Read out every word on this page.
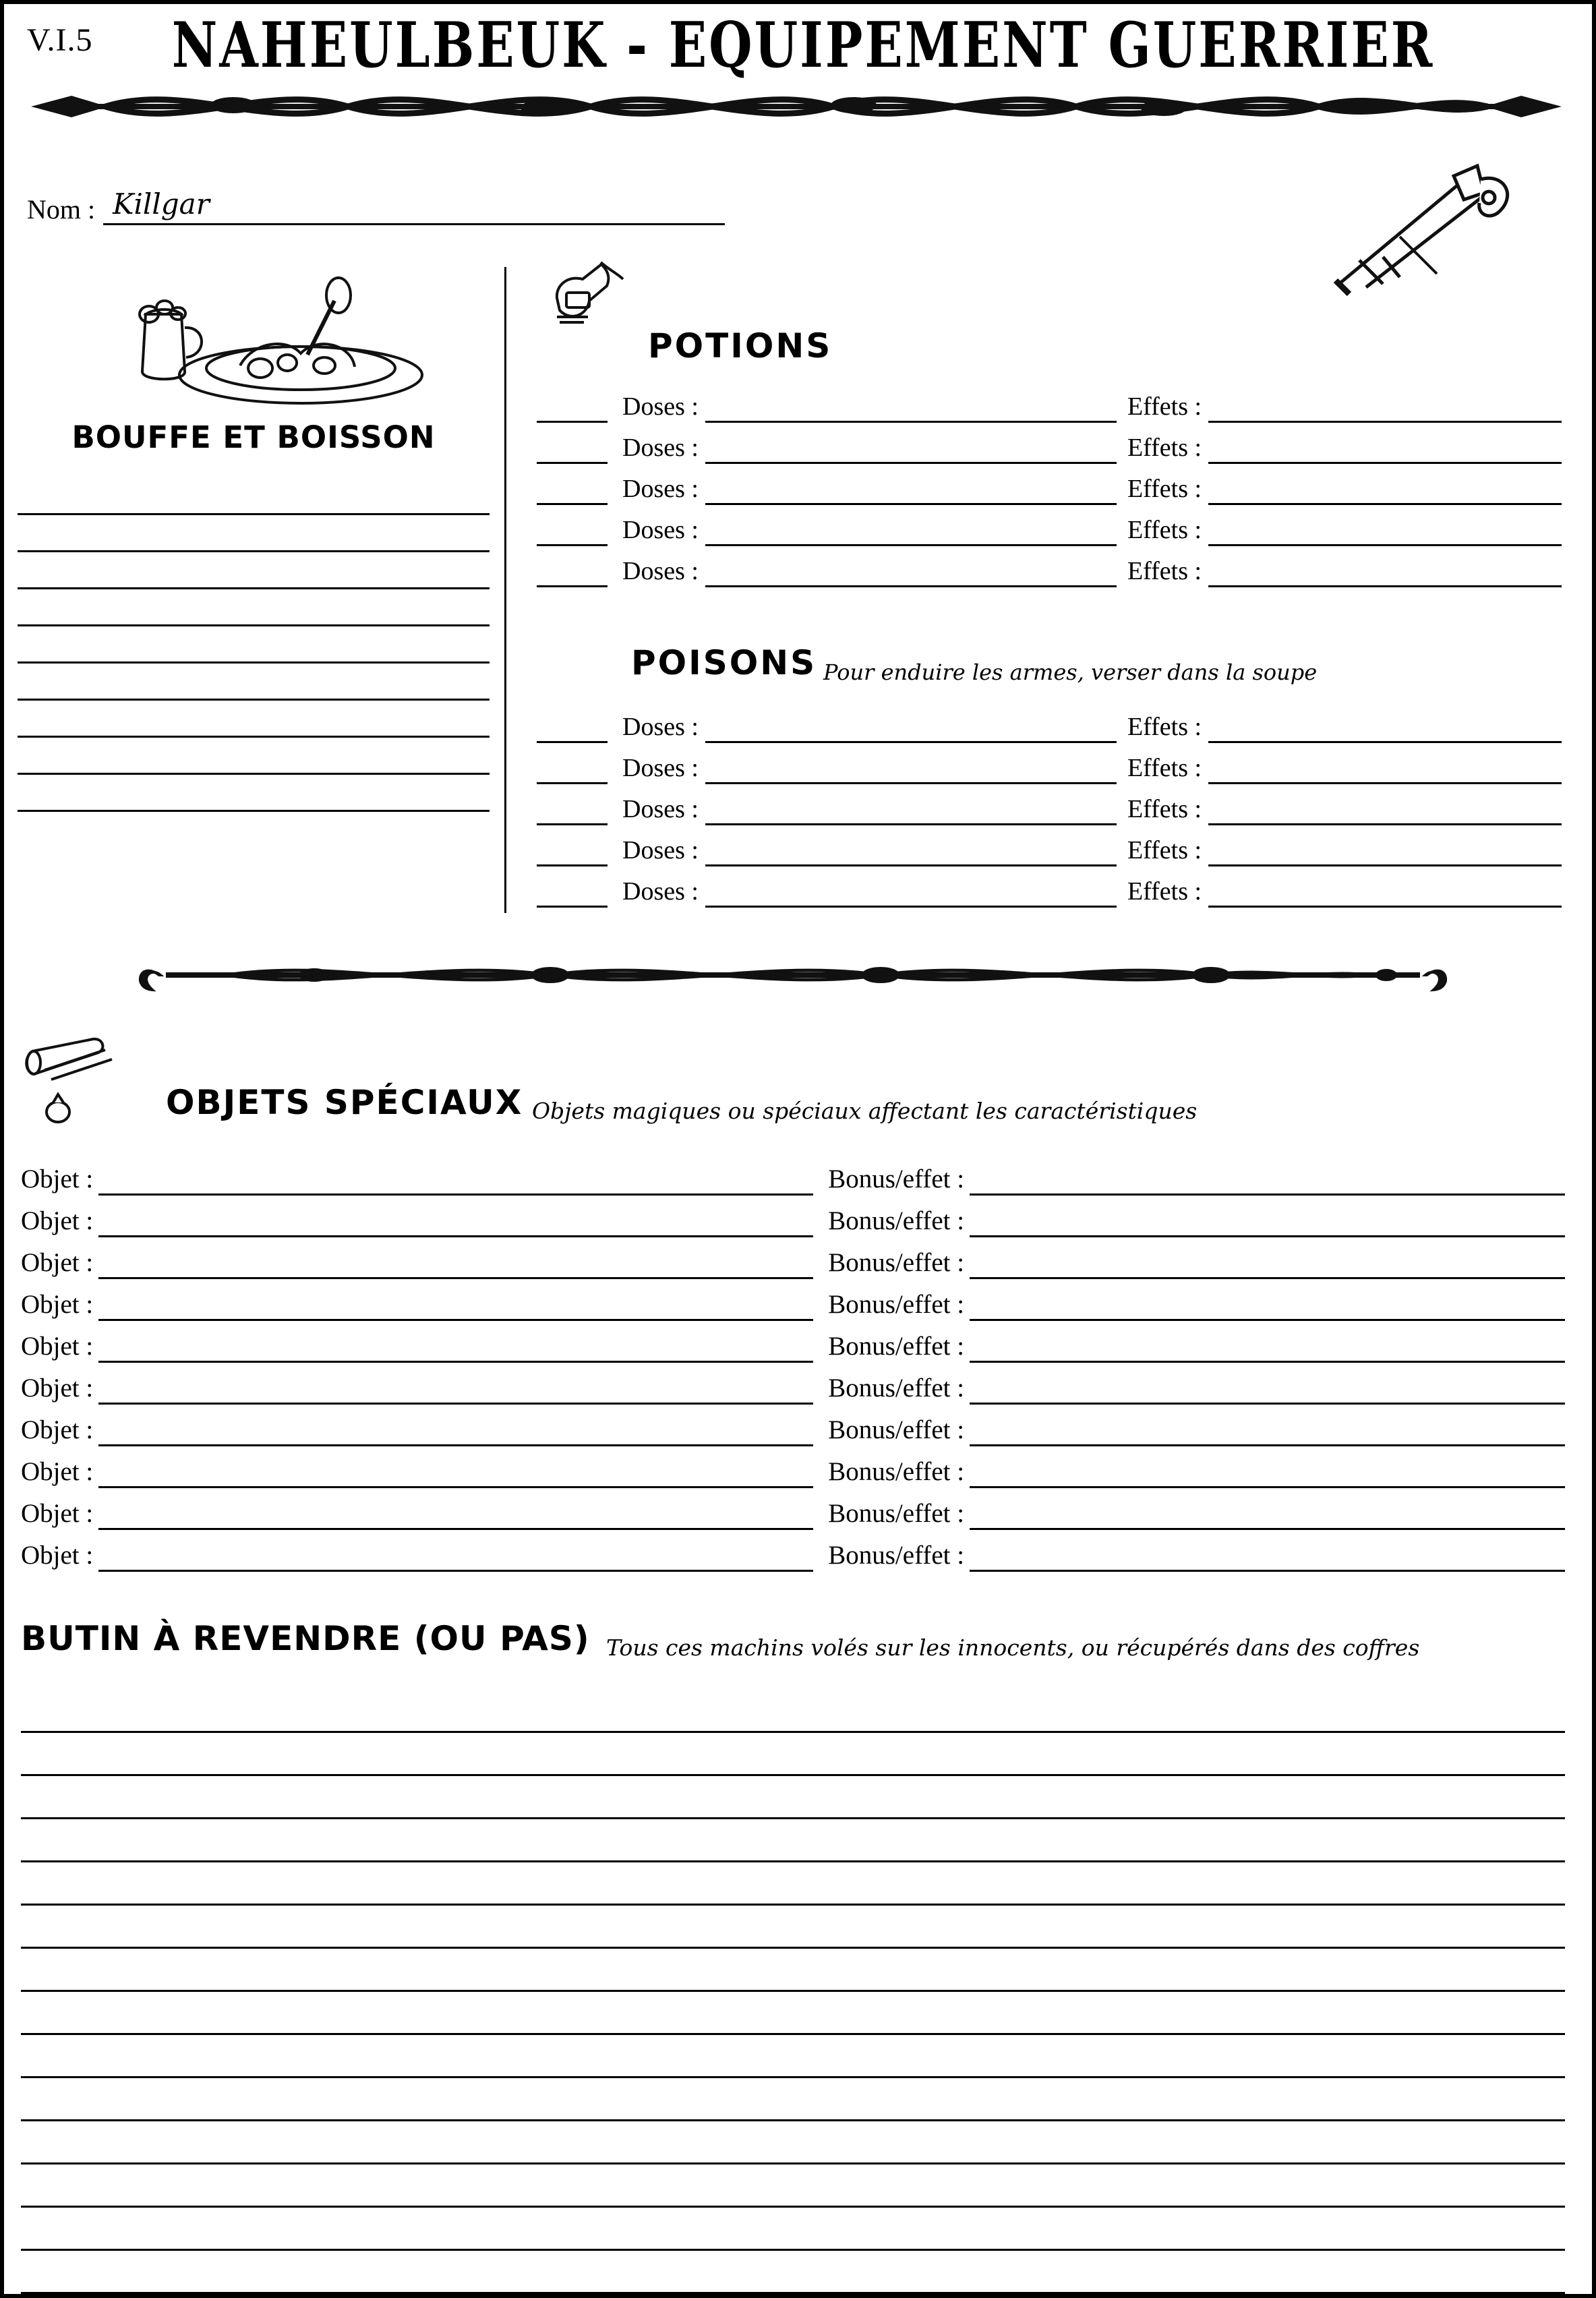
V.I.5	NAHEULBEUK - EQUIPEMENT GUERRIER
Nom : Killgar
BOUFFE ET BOISSON
POTIONS
Doses :	Effets :
Doses :	Effets :
Doses :	Effets :
Doses :	Effets :
Doses :	Effets :
POISONS Pour enduire les armes, verser dans la soupe
Doses :	Effets :
Doses :	Effets :
Doses :	Effets :
Doses :	Effets :
Doses :	Effets :
OBJETS SPÉCIAUX Objets magiques ou spéciaux affectant les caractéristiques
Objet :	Bonus/effet :
Objet :	Bonus/effet :
Objet :	Bonus/effet :
Objet :	Bonus/effet :
Objet :	Bonus/effet :
Objet :	Bonus/effet :
Objet :	Bonus/effet :
Objet :	Bonus/effet :
Objet :	Bonus/effet :
Objet :	Bonus/effet :
BUTIN À REVENDRE (OU PAS) Tous ces machins volés sur les innocents, ou récupérés dans des coffres
